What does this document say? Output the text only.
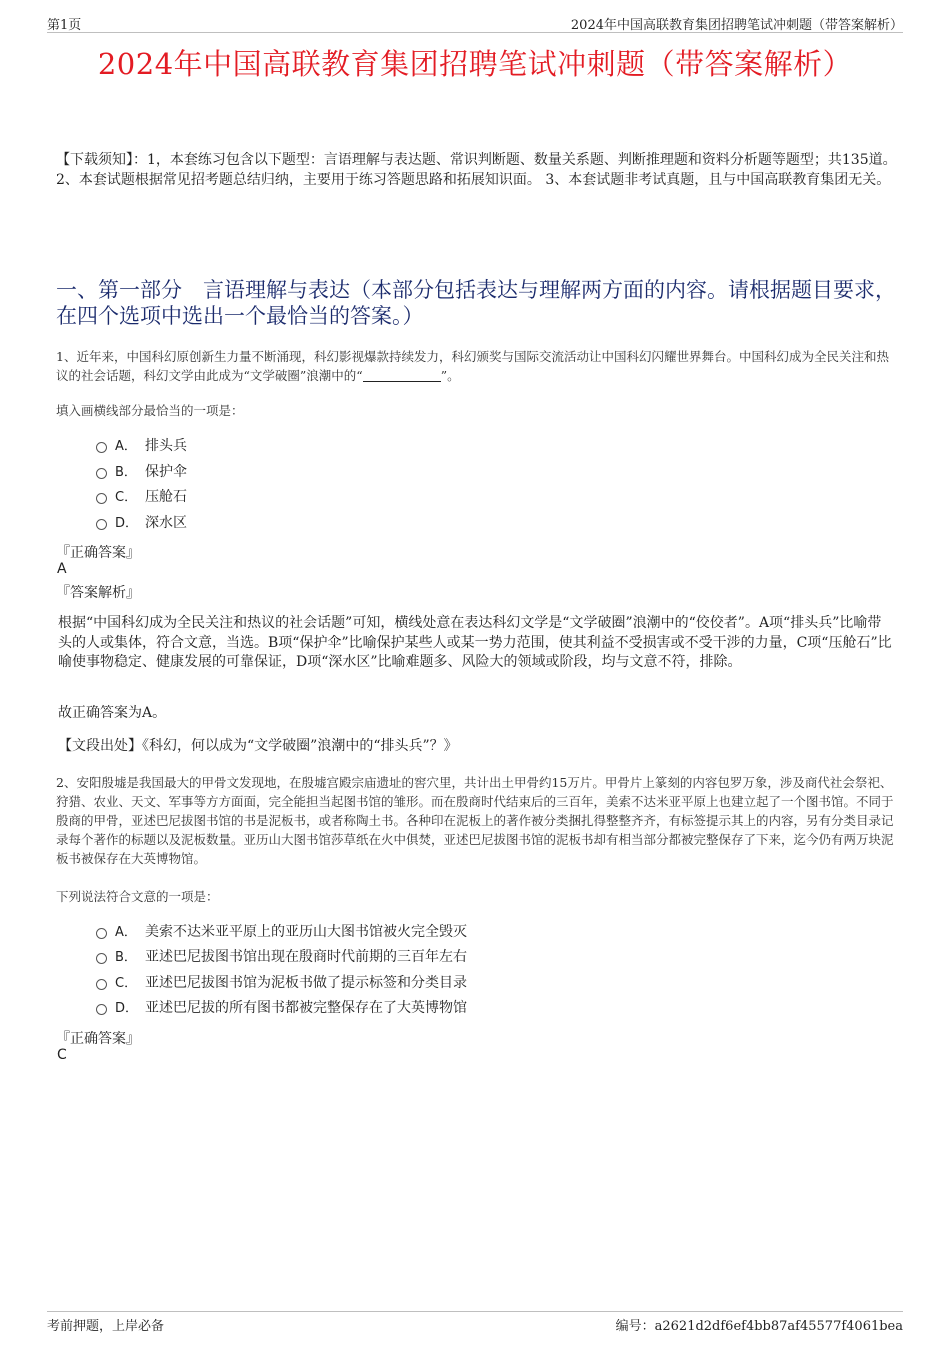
第1页	2024年中国高联教育集团招聘笔试冲刺题（带答案解析）
2024年中国高联教育集团招聘笔试冲刺题（带答案解析）
【下载须知】：1，本套练习包含以下题型：言语理解与表达题、常识判断题、数量关系题、判断推理题和资料分析题等题型；共135道。 2、本套试题根据常见招考题总结归纳，主要用于练习答题思路和拓展知识面。 3、本套试题非考试真题，且与中国高联教育集团无关。
一、第一部分　言语理解与表达（本部分包括表达与理解两方面的内容。请根据题目要求，在四个选项中选出一个最恰当的答案。）
1、近年来，中国科幻原创新生力量不断涌现，科幻影视爆款持续发力，科幻颁奖与国际交流活动让中国科幻闪耀世界舞台。中国科幻成为全民关注和热议的社会话题，科幻文学由此成为“文学破圈”浪潮中的“	”。
填入画横线部分最恰当的一项是：
A． 排头兵
B． 保护伞
C． 压舱石
D． 深水区
『正确答案』
A
『答案解析』
根据“中国科幻成为全民关注和热议的社会话题”可知，横线处意在表达科幻文学是“文学破圈”浪潮中的“佼佼者”。A项“排头兵”比喻带头的人或集体，符合文意，当选。B项“保护伞”比喻保护某些人或某一势力范围，使其利益不受损害或不受干涉的力量，C项“压舱石”比喻使事物稳定、健康发展的可靠保证，D项“深水区”比喻难题多、风险大的领域或阶段，均与文意不符，排除。
故正确答案为A。
【文段出处】《科幻，何以成为“文学破圈”浪潮中的“排头兵”？》
2、安阳殷墟是我国最大的甲骨文发现地，在殷墟宫殿宗庙遗址的窖穴里，共计出土甲骨约15万片。甲骨片上篆刻的内容包罗万象，涉及商代社会祭祀、狩猎、农业、天文、军事等方方面面，完全能担当起图书馆的雏形。而在殷商时代结束后的三百年，美索不达米亚平原上也建立起了一个图书馆。不同于殷商的甲骨，亚述巴尼拔图书馆的书是泥板书，或者称陶土书。各种印在泥板上的著作被分类捆扎得整整齐齐，有标签提示其上的内容，另有分类目录记录每个著作的标题以及泥板数量。亚历山大图书馆莎草纸在火中俱焚，亚述巴尼拔图书馆的泥板书却有相当部分都被完整保存了下来，迄今仍有两万块泥板书被保存在大英博物馆。
下列说法符合文意的一项是：
A． 美索不达米亚平原上的亚历山大图书馆被火完全毁灭
B． 亚述巴尼拔图书馆出现在殷商时代前期的三百年左右
C． 亚述巴尼拔图书馆为泥板书做了提示标签和分类目录
D． 亚述巴尼拔的所有图书都被完整保存在了大英博物馆
『正确答案』
C
考前押题，上岸必备	编号：a2621d2df6ef4bb87af45577f4061bea
